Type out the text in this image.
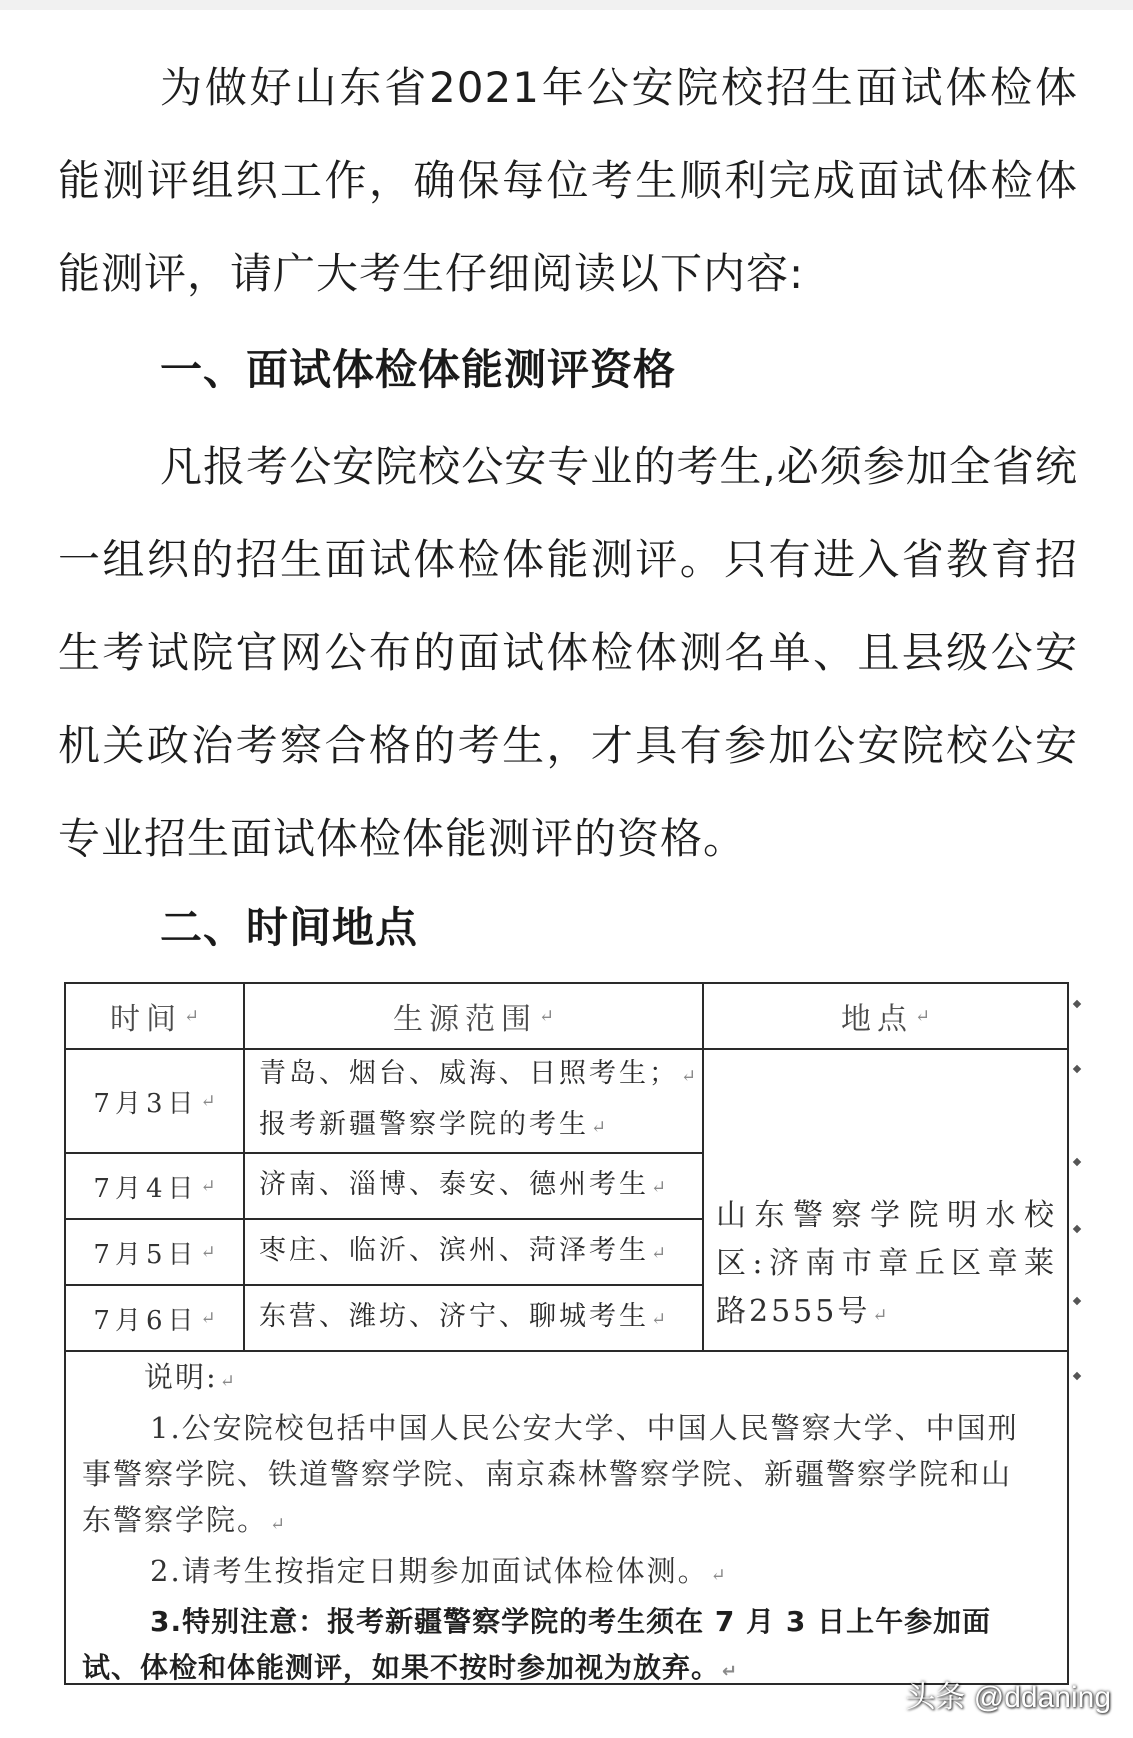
为做好山东省2021年公安院校招生面试体检体能测评组织工作，确保每位考生顺利完成面试体检体能测评，请广大考生仔细阅读以下内容:

一、面试体检体能测评资格

凡报考公安院校公安专业的考生,必须参加全省统一组织的招生面试体检体能测评。只有进入省教育招生考试院官网公布的面试体检体测名单、且县级公安机关政治考察合格的考生，才具有参加公安院校公安专业招生面试体检体能测评的资格。

二、时间地点

时间 ↵	生源范围 ↵	地点 ↵
7月3日 ↵
青岛、烟台、威海、日照考生； ↵
报考新疆警察学院的考生 ↵
7月4日 ↵ 济南、淄博、泰安、德州考生 ↵
7月5日 ↵ 枣庄、临沂、滨州、菏泽考生 ↵
7月6日 ↵ 东营、潍坊、济宁、聊城考生 ↵
山东警察学院明水校区:济南市章丘区章莱路2555号 ↵

说明: ↵

1.公安院校包括中国人民公安大学、中国人民警察大学、中国刑事警察学院、铁道警察学院、南京森林警察学院、新疆警察学院和山东警察学院。 ↵

2.请考生按指定日期参加面试体检体测。 ↵

3.特别注意：报考新疆警察学院的考生须在 7 月 3 日上午参加面试、体检和体能测评，如果不按时参加视为放弃。 ↵

头条 @ddaning
